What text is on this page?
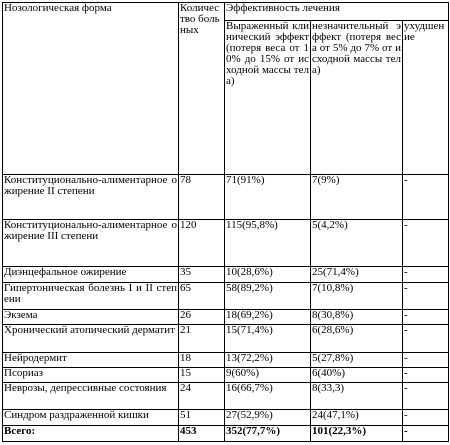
Нозологическая форма	Количество больных	Эффективность лечения		
		Выраженный клинический эффект (потеря веса от 10% до 15% от исходной массы тела)	незначительный эффект (потеря веса от 5% до 7% от исходной массы тела)	ухудшение
Конституционально-алиментарное ожирение II степени	78	71(91%)	7(9%)	-
Конституционально-алиментарное ожирение III степени	120	115(95,8%)	5(4,2%)	-
Диэнцефальное ожирение	35	10(28,6%)	25(71,4%)	-
Гипертоническая болезнь I и II степени	65	58(89,2%)	7(10,8%)	-
Экзема	26	18(69,2%)	8(30,8%)	-
Хронический атопический дерматит	21	15(71,4%)	6(28,6%)	-
Нейродермит	18	13(72,2%)	5(27,8%)	-
Псориаз	15	9(60%)	6(40%)	-
Неврозы, депрессивные состояния	24	16(66,7%)	8(33,3)	-
Синдром раздраженной кишки	51	27(52,9%)	24(47,1%)	-
Всего:	453	352(77,7%)	101(22,3%)	-
